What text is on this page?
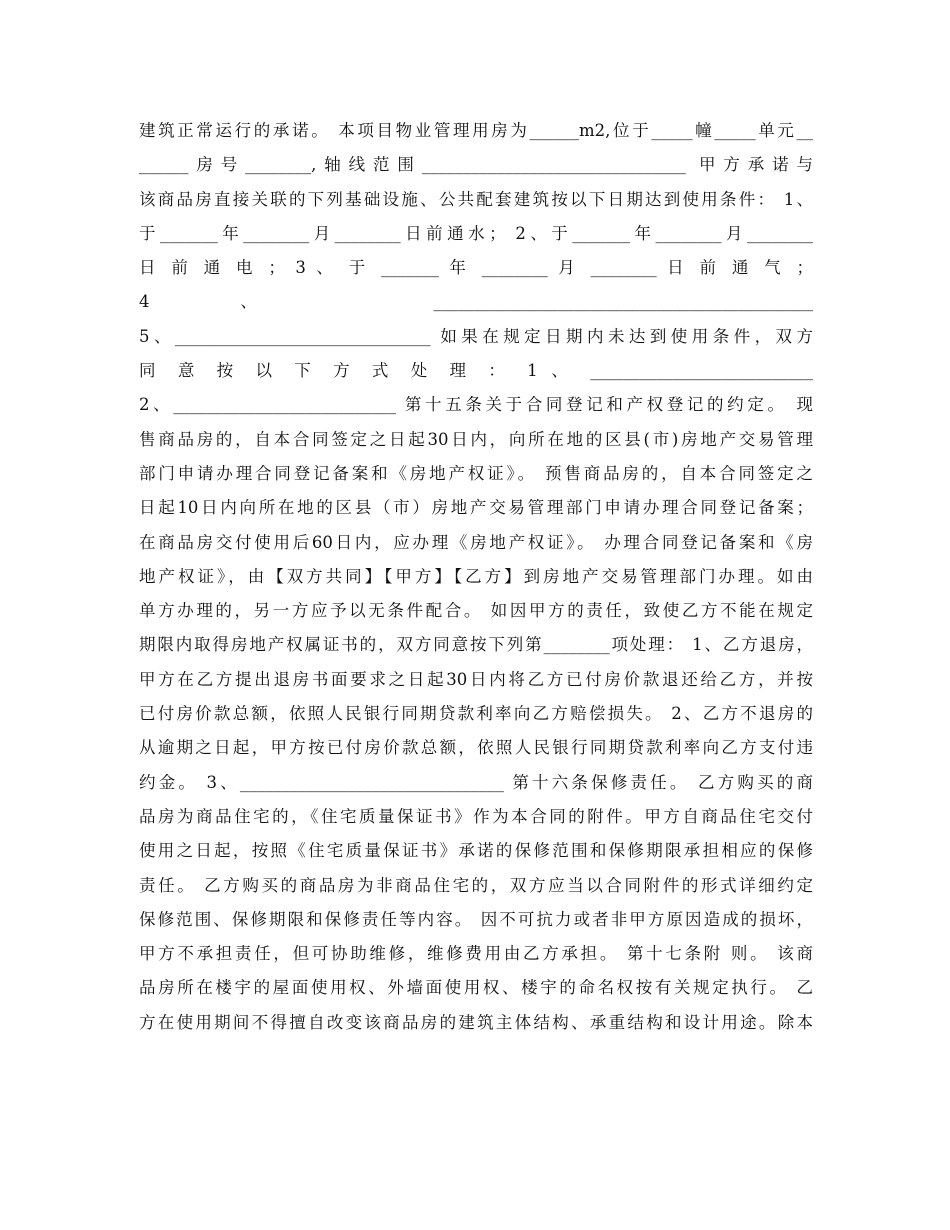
建筑正常运行的承诺。 本项目物业管理用房为______m2,位于_____幢_____单元__
______房号________,轴线范围________________________________ 甲方承诺与
该商品房直接关联的下列基础设施、公共配套建筑按以下日期达到使用条件： 1、
于_______年________月________日前通水； 2、于_______年________月________
日 前 通 电 ； 3 、 于 _______ 年 ________ 月 ________ 日 前 通 气 ；
4 、 ______________________________________________
5、_______________________________ 如果在规定日期内未达到使用条件，双方
同 意 按 以 下 方 式 处 理 ： 1 、 ___________________________
2、___________________________ 第十五条关于合同登记和产权登记的约定。 现
售商品房的，自本合同签定之日起30日内，向所在地的区县(市)房地产交易管理
部门申请办理合同登记备案和《房地产权证》。 预售商品房的，自本合同签定之
日起10日内向所在地的区县（市）房地产交易管理部门申请办理合同登记备案；
在商品房交付使用后60日内，应办理《房地产权证》。 办理合同登记备案和《房
地产权证》，由【双方共同】【甲方】【乙方】到房地产交易管理部门办理。如由
单方办理的，另一方应予以无条件配合。 如因甲方的责任，致使乙方不能在规定
期限内取得房地产权属证书的，双方同意按下列第________项处理： 1、乙方退房，
甲方在乙方提出退房书面要求之日起30日内将乙方已付房价款退还给乙方，并按
已付房价款总额，依照人民银行同期贷款利率向乙方赔偿损失。 2、乙方不退房的
从逾期之日起，甲方按已付房价款总额，依照人民银行同期贷款利率向乙方支付违
约金。 3、________________________________ 第十六条保修责任。 乙方购买的商
品房为商品住宅的，《住宅质量保证书》作为本合同的附件。甲方自商品住宅交付
使用之日起，按照《住宅质量保证书》承诺的保修范围和保修期限承担相应的保修
责任。 乙方购买的商品房为非商品住宅的，双方应当以合同附件的形式详细约定
保修范围、保修期限和保修责任等内容。 因不可抗力或者非甲方原因造成的损坏，
甲方不承担责任，但可协助维修，维修费用由乙方承担。 第十七条附 则。 该商
品房所在楼宇的屋面使用权、外墙面使用权、楼宇的命名权按有关规定执行。 乙
方在使用期间不得擅自改变该商品房的建筑主体结构、承重结构和设计用途。除本
